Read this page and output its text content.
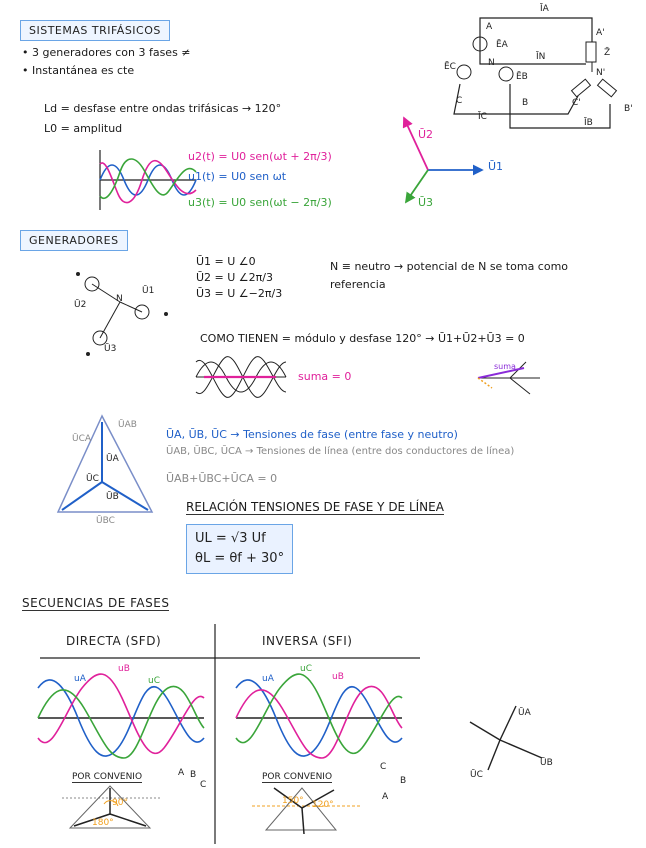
SISTEMAS TRIFÁSICOS
• 3 generadores con 3 fases ≠
• Instantánea es cte
Ld = desfase entre ondas trifásicas → 120°
L0 = amplitud
u2(t) = U0 sen(ωt + 2π/3)
u1(t) = U0 sen ωt
u3(t) = U0 sen(ωt − 2π/3)
Ū1
Ū2
Ū3
ĪA
A
A'
ĒA
Z̄
ĪN
N
N'
ĒC
ĒB
C	B	C'
B'
ĪC
ĪB
GENERADORES
N
Ū1
Ū2
Ū3
Ū1 = U ∠0
Ū2 = U ∠2π/3
Ū3 = U ∠−2π/3
N ≡ neutro → potencial de N se toma como
referencia
COMO TIENEN = módulo y desfase 120° → Ū1+Ū2+Ū3 = 0
suma = 0
suma
ŪAB
ŪCA
ŪBC
ŪA
ŪC
ŪB
ŪA, ŪB, ŪC → Tensiones de fase (entre fase y neutro)
ŪAB, ŪBC, ŪCA → Tensiones de línea (entre dos conductores de línea)
ŪAB+ŪBC+ŪCA = 0
RELACIÓN TENSIONES DE FASE Y DE LÍNEA
UL = √3 Uf
θL = θf + 30°
SECUENCIAS DE FASES
DIRECTA (SFD)	INVERSA (SFI)
uA
uB
uC	uA
uC
uB
POR CONVENIO	POR CONVENIO
90°
180°
150° 120°
A B
C
C
B
A
ŪA
ŪB
ŪC
